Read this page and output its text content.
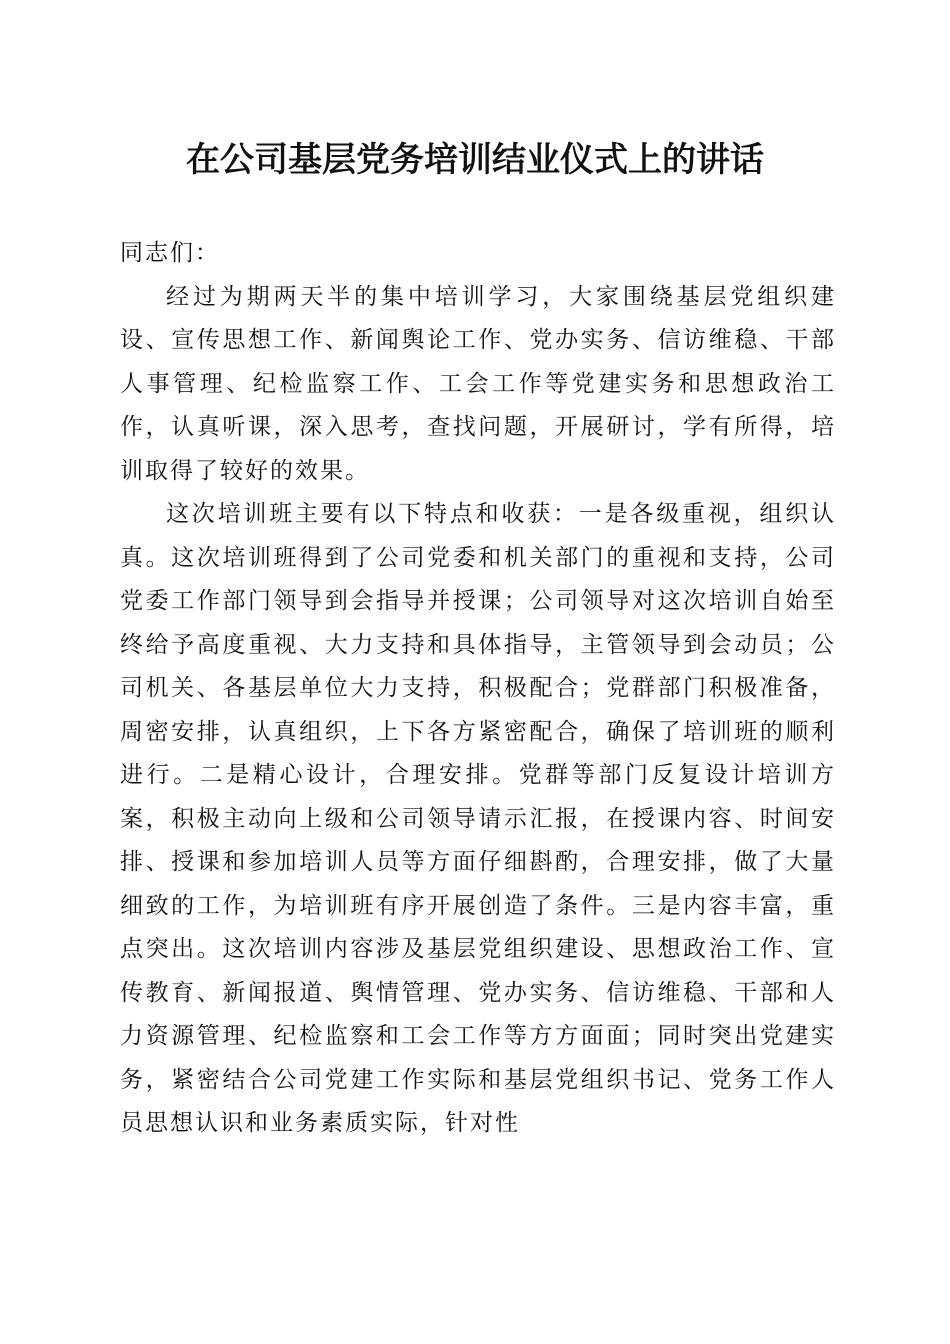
在公司基层党务培训结业仪式上的讲话

同志们：

经过为期两天半的集中培训学习，大家围绕基层党组织建设、宣传思想工作、新闻舆论工作、党办实务、信访维稳、干部人事管理、纪检监察工作、工会工作等党建实务和思想政治工作，认真听课，深入思考，查找问题，开展研讨，学有所得，培训取得了较好的效果。

这次培训班主要有以下特点和收获：一是各级重视，组织认真。这次培训班得到了公司党委和机关部门的重视和支持，公司党委工作部门领导到会指导并授课；公司领导对这次培训自始至终给予高度重视、大力支持和具体指导，主管领导到会动员；公司机关、各基层单位大力支持，积极配合；党群部门积极准备，周密安排，认真组织，上下各方紧密配合，确保了培训班的顺利进行。二是精心设计，合理安排。党群等部门反复设计培训方案，积极主动向上级和公司领导请示汇报，在授课内容、时间安排、授课和参加培训人员等方面仔细斟酌，合理安排，做了大量细致的工作，为培训班有序开展创造了条件。三是内容丰富，重点突出。这次培训内容涉及基层党组织建设、思想政治工作、宣传教育、新闻报道、舆情管理、党办实务、信访维稳、干部和人力资源管理、纪检监察和工会工作等方方面面；同时突出党建实务，紧密结合公司党建工作实际和基层党组织书记、党务工作人员思想认识和业务素质实际，针对性
